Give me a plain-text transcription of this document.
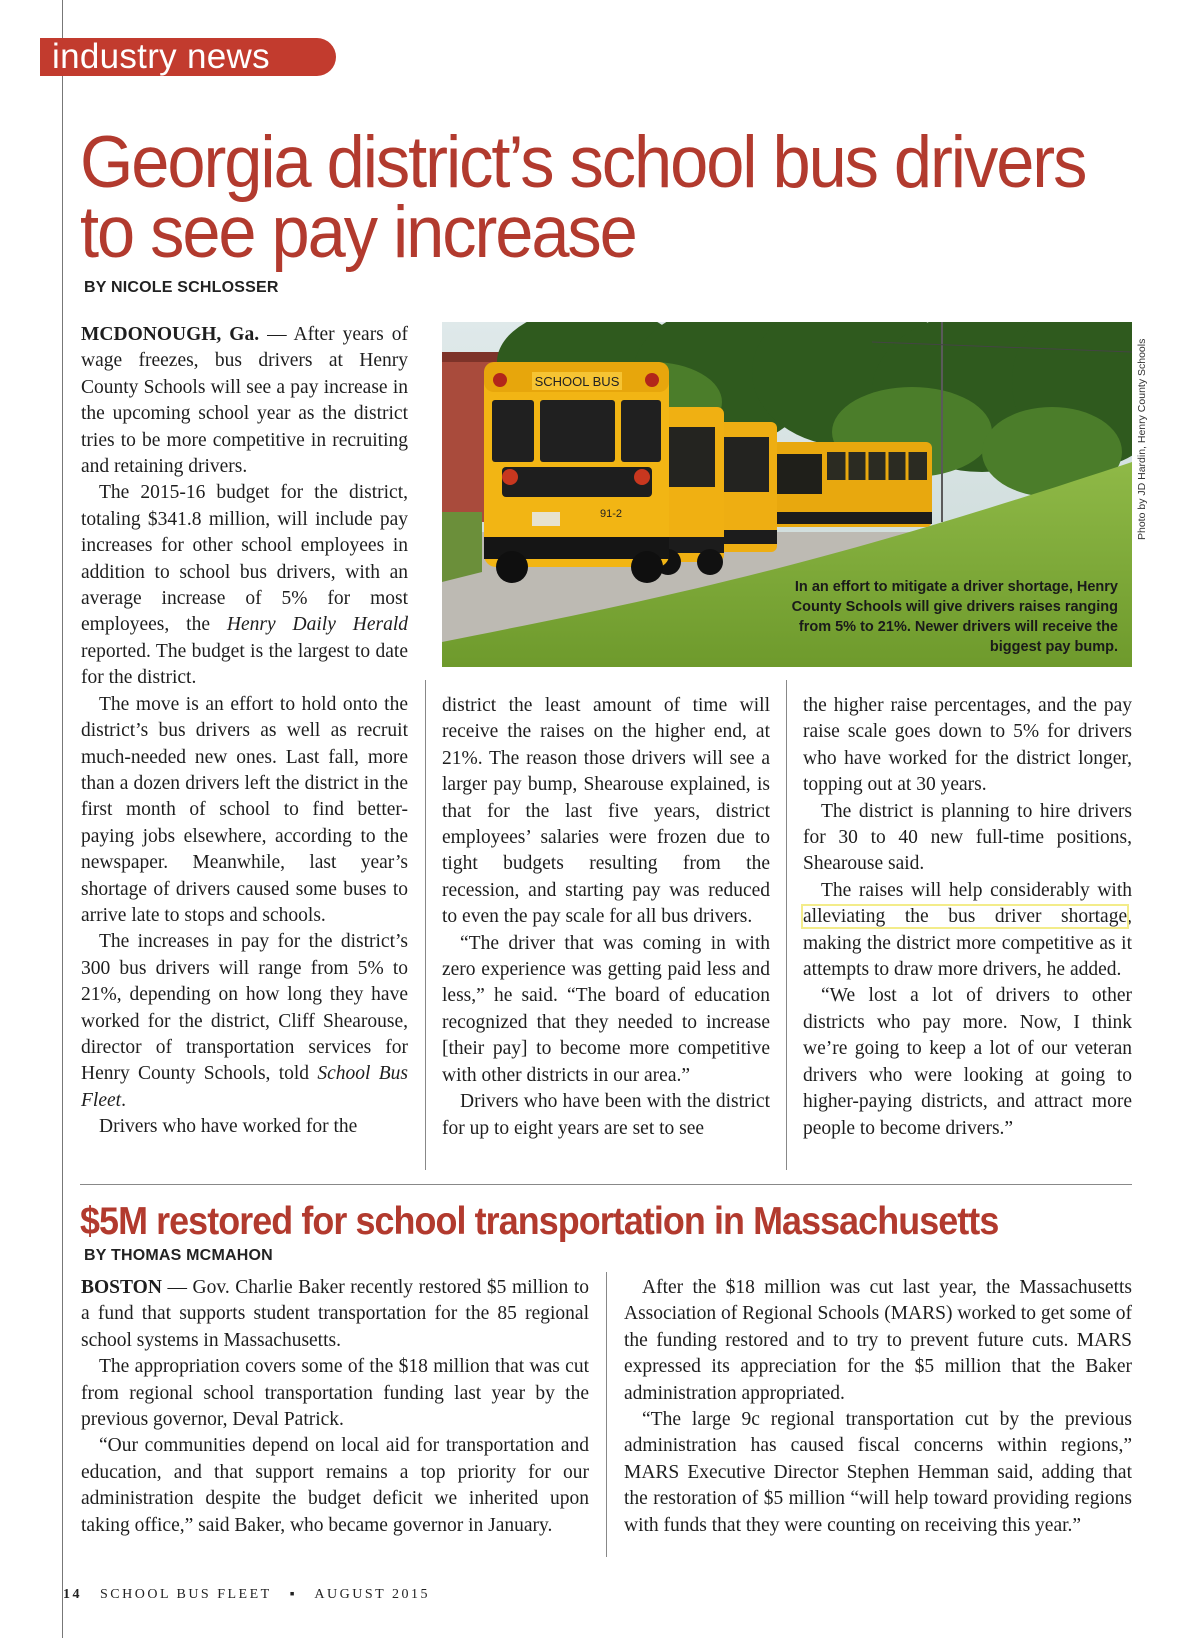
industry news
Georgia district’s school bus drivers to see pay increase
BY NICOLE SCHLOSSER

MCDONOUGH, Ga. — After years of wage freezes, bus drivers at Henry County Schools will see a pay increase in the upcoming school year as the district tries to be more competitive in recruiting and retaining drivers.

The 2015-16 budget for the district, totaling $341.8 million, will include pay increases for other school employees in addition to school bus drivers, with an average increase of 5% for most employees, the Henry Daily Herald reported. The budget is the largest to date for the district.

The move is an effort to hold onto the district’s bus drivers as well as recruit much-needed new ones. Last fall, more than a dozen drivers left the district in the first month of school to find better-paying jobs elsewhere, according to the newspaper. Meanwhile, last year’s shortage of drivers caused some buses to arrive late to stops and schools.

The increases in pay for the district’s 300 bus drivers will range from 5% to 21%, depending on how long they have worked for the district, Cliff Shearouse, director of transportation services for Henry County Schools, told School Bus Fleet.

Drivers who have worked for the

SCHOOL BUS
91-2
In an effort to mitigate a driver shortage, Henry County Schools will give drivers raises ranging from 5% to 21%. Newer drivers will receive the biggest pay bump.
Photo by JD Hardin, Henry County Schools

district the least amount of time will receive the raises on the higher end, at 21%. The reason those drivers will see a larger pay bump, Shearouse explained, is that for the last five years, district employees’ salaries were frozen due to tight budgets resulting from the recession, and starting pay was reduced to even the pay scale for all bus drivers.

“The driver that was coming in with zero experience was getting paid less and less,” he said. “The board of education recognized that they needed to increase [their pay] to become more competitive with other districts in our area.”

Drivers who have been with the district for up to eight years are set to see

the higher raise percentages, and the pay raise scale goes down to 5% for drivers who have worked for the district longer, topping out at 30 years.

The district is planning to hire drivers for 30 to 40 new full-time positions, Shearouse said.

The raises will help considerably with alleviating the bus driver shortage, making the district more competitive as it attempts to draw more drivers, he added.

“We lost a lot of drivers to other districts who pay more. Now, I think we’re going to keep a lot of our veteran drivers who were looking at going to higher-paying districts, and attract more people to become drivers.”

$5M restored for school transportation in Massachusetts
BY THOMAS MCMAHON

BOSTON — Gov. Charlie Baker recently restored $5 million to a fund that supports student transportation for the 85 regional school systems in Massachusetts.

The appropriation covers some of the $18 million that was cut from regional school transportation funding last year by the previous governor, Deval Patrick.

“Our communities depend on local aid for transportation and education, and that support remains a top priority for our administration despite the budget deficit we inherited upon taking office,” said Baker, who became governor in January.

After the $18 million was cut last year, the Massachusetts Association of Regional Schools (MARS) worked to get some of the funding restored and to try to prevent future cuts. MARS expressed its appreciation for the $5 million that the Baker administration appropriated.

“The large 9c regional transportation cut by the previous administration has caused fiscal concerns within regions,” MARS Executive Director Stephen Hemman said, adding that the restoration of $5 million “will help toward providing regions with funds that they were counting on receiving this year.”

14 SCHOOL BUS FLEET ▪ AUGUST 2015
